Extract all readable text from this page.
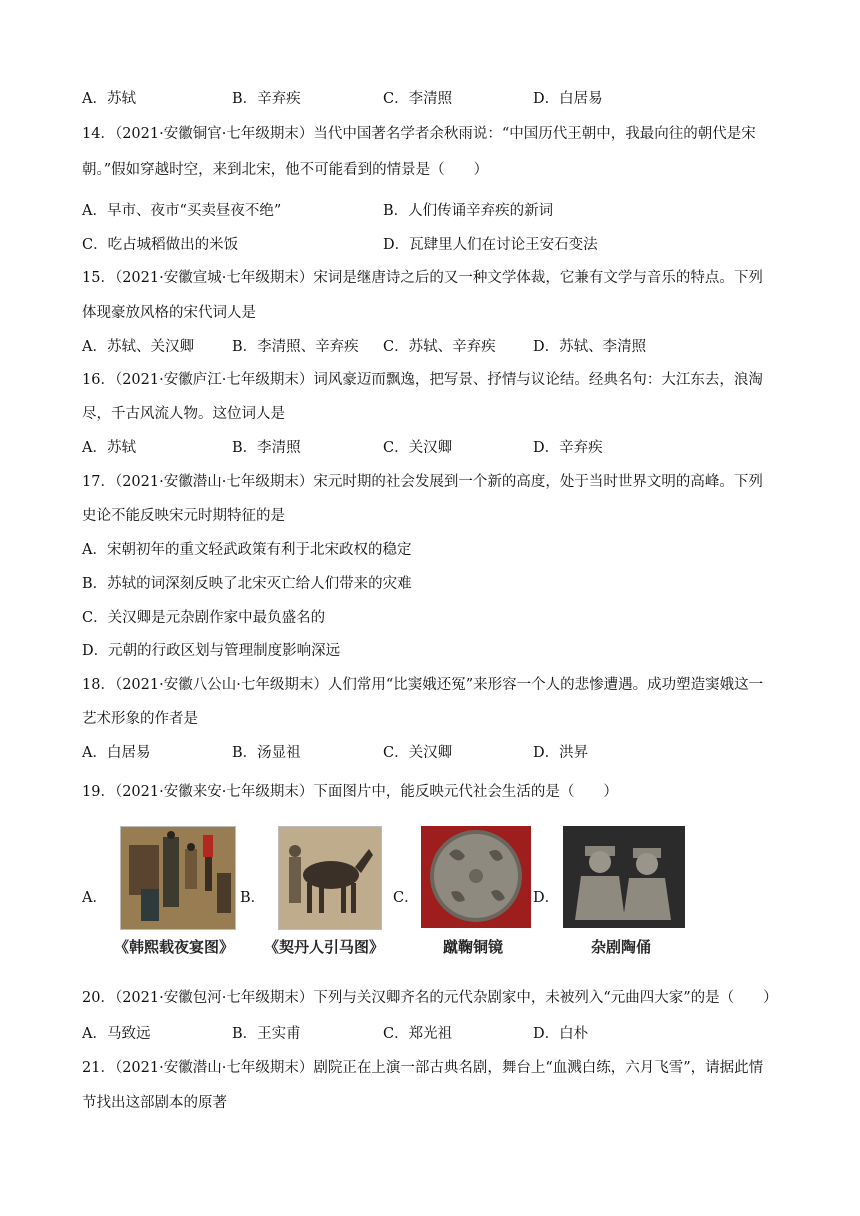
A．苏轼	B．辛弃疾	C．李清照	D．白居易
14．（2021·安徽铜官·七年级期末）当代中国著名学者余秋雨说：“中国历代王朝中，我最向往的朝代是宋
朝。”假如穿越时空，来到北宋，他不可能看到的情景是（　　）
A．早市、夜市“买卖昼夜不绝”	B．人们传诵辛弃疾的新词
C．吃占城稻做出的米饭	D．瓦肆里人们在讨论王安石变法
15．（2021·安徽宣城·七年级期末）宋词是继唐诗之后的又一种文学体裁，它兼有文学与音乐的特点。下列
体现豪放风格的宋代词人是
A．苏轼、关汉卿	B．李清照、辛弃疾 C．苏轼、辛弃疾	D．苏轼、李清照
16．（2021·安徽庐江·七年级期末）词风豪迈而飘逸，把写景、抒情与议论结。经典名句：大江东去，浪淘
尽，千古风流人物。这位词人是
A．苏轼	B．李清照	C．关汉卿	D．辛弃疾
17．（2021·安徽潜山·七年级期末）宋元时期的社会发展到一个新的高度，处于当时世界文明的高峰。下列
史论不能反映宋元时期特征的是
A．宋朝初年的重文轻武政策有利于北宋政权的稳定
B．苏轼的词深刻反映了北宋灭亡给人们带来的灾难
C．关汉卿是元杂剧作家中最负盛名的
D．元朝的行政区划与管理制度影响深远
18．（2021·安徽八公山·七年级期末）人们常用“比窦娥还冤”来形容一个人的悲惨遭遇。成功塑造窦娥这一
艺术形象的作者是
A．白居易	B．汤显祖	C．关汉卿	D．洪昇
19．（2021·安徽来安·七年级期末）下面图片中，能反映元代社会生活的是（　　）
A．
《韩熙载夜宴图》
B．
《契丹人引马图》
C．
蹴鞠铜镜
D．
杂剧陶俑
20．（2021·安徽包河·七年级期末）下列与关汉卿齐名的元代杂剧家中，未被列入“元曲四大家”的是（　　）
A．马致远	B．王实甫	C．郑光祖	D．白朴
21．（2021·安徽潜山·七年级期末）剧院正在上演一部古典名剧，舞台上“血溅白练，六月飞雪”，请据此情
节找出这部剧本的原著
